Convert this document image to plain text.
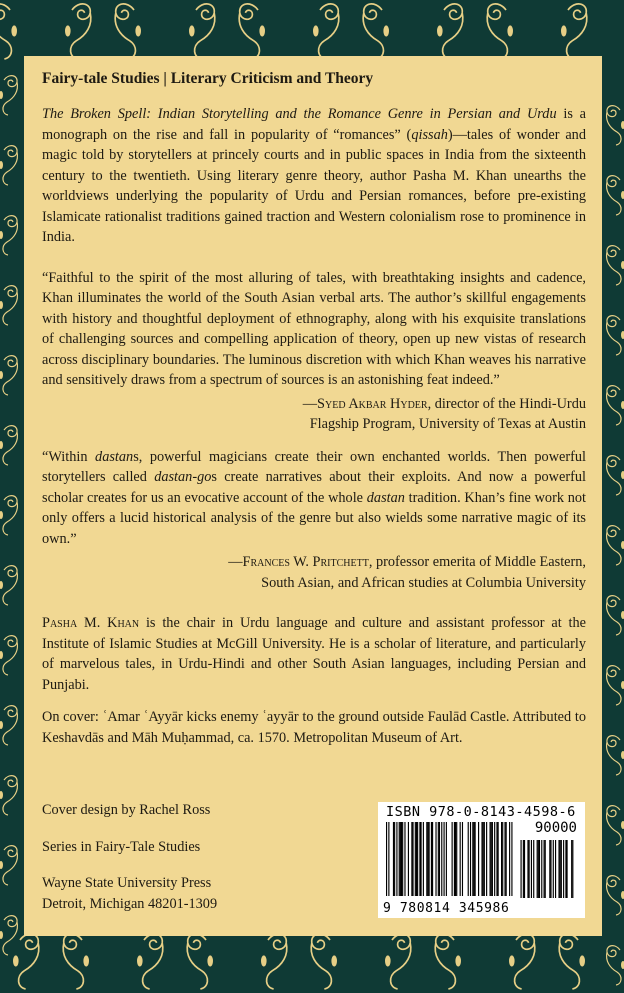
Fairy-tale Studies | Literary Criticism and Theory

The Broken Spell: Indian Storytelling and the Romance Genre in Persian and Urdu is a monograph on the rise and fall in popularity of “romances” (qissah)—tales of wonder and magic told by storytellers at princely courts and in public spaces in India from the sixteenth century to the twentieth. Using literary genre theory, author Pasha M. Khan unearths the worldviews underlying the popularity of Urdu and Persian romances, before pre-existing Islamicate rationalist traditions gained traction and Western colonialism rose to prominence in India.

“Faithful to the spirit of the most alluring of tales, with breathtaking insights and cadence, Khan illuminates the world of the South Asian verbal arts. The author’s skillful engagements with history and thoughtful deployment of ethnography, along with his exquisite translations of challenging sources and compelling application of theory, open up new vistas of research across disciplinary boundaries. The luminous discretion with which Khan weaves his narrative and sensitively draws from a spectrum of sources is an astonishing feat indeed.”

—Syed Akbar Hyder, director of the Hindi-Urdu
Flagship Program, University of Texas at Austin

“Within dastans, powerful magicians create their own enchanted worlds. Then powerful storytellers called dastan-gos create narratives about their exploits. And now a powerful scholar creates for us an evocative account of the whole dastan tradition. Khan’s fine work not only offers a lucid historical analysis of the genre but also wields some narrative magic of its own.”

—Frances W. Pritchett, professor emerita of Middle Eastern,
South Asian, and African studies at Columbia University

Pasha M. Khan is the chair in Urdu language and culture and assistant professor at the Institute of Islamic Studies at McGill University. He is a scholar of literature, and particularly of marvelous tales, in Urdu-Hindi and other South Asian languages, including Persian and Punjabi.

On cover: ʿAmar ʿAyyār kicks enemy ʿayyār to the ground outside Faulād Castle. Attributed to Keshavdās and Māh Muḥammad, ca. 1570. Metropolitan Museum of Art.

Cover design by Rachel Ross
Series in Fairy-Tale Studies
Wayne State University Press
Detroit, Michigan 48201-1309
ISBN 978-0-8143-4598-6
90000
9 780814 345986
